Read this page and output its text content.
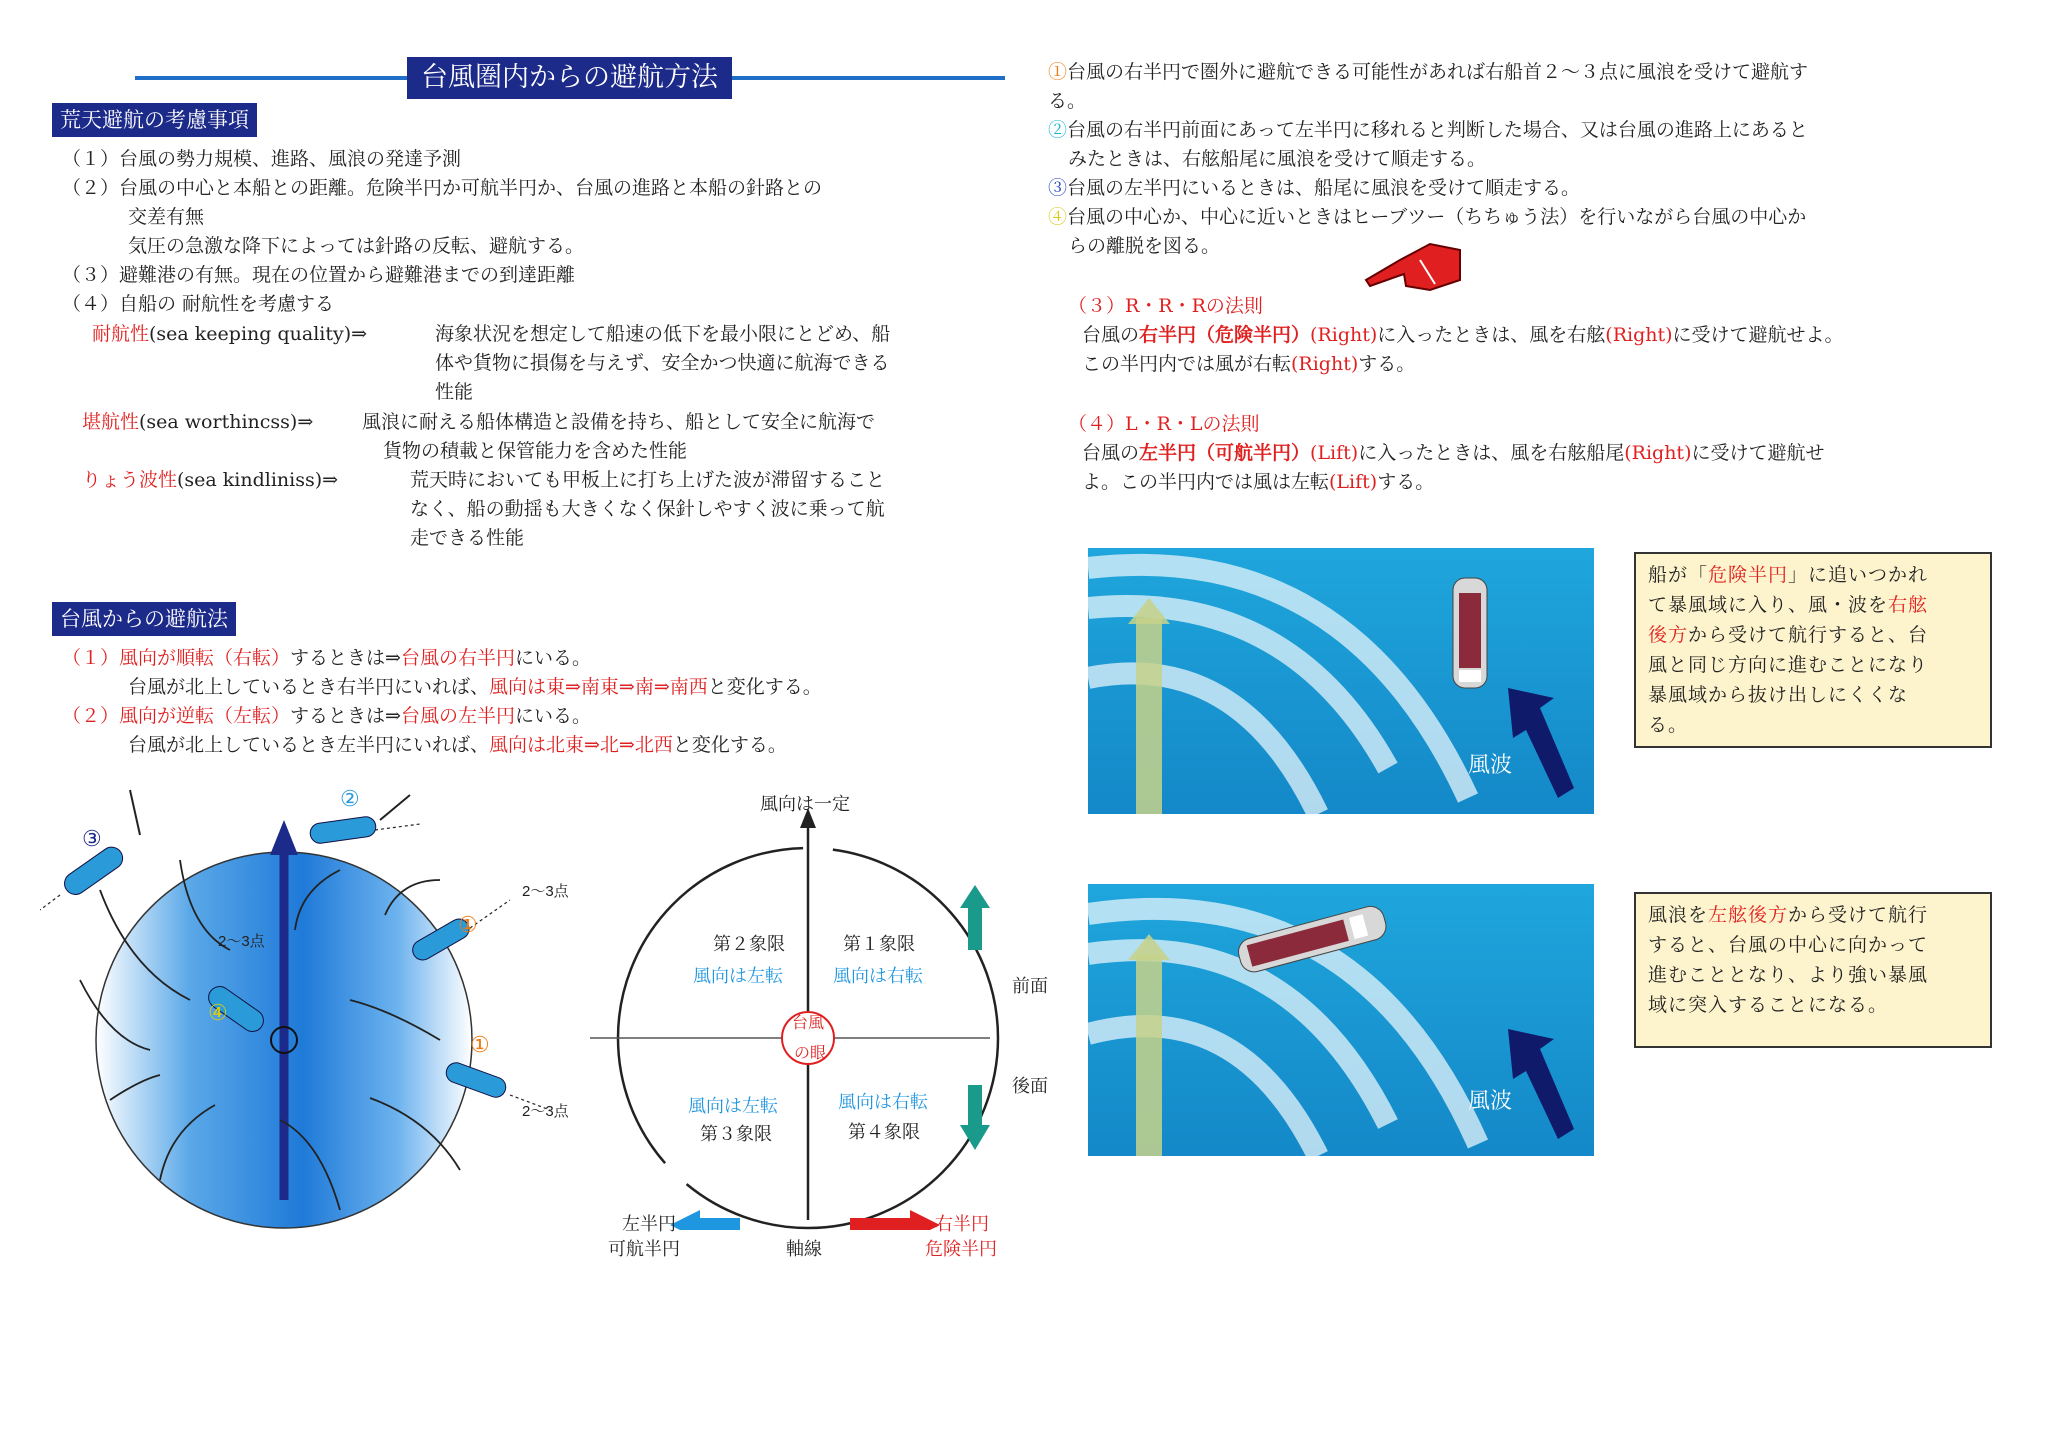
台風圏内からの避航方法
荒天避航の考慮事項
（１）台風の勢力規模、進路、風浪の発達予測
（２）台風の中心と本船との距離。危険半円か可航半円か、台風の進路と本船の針路との
交差有無
気圧の急激な降下によっては針路の反転、避航する。
（３）避難港の有無。現在の位置から避難港までの到達距離
（４）自船の 耐航性を考慮する
耐航性(sea keeping quality)⇒	海象状況を想定して船速の低下を最小限にとどめ、船
体や貨物に損傷を与えず、安全かつ快適に航海できる
性能
堪航性(sea worthincss)⇒	風浪に耐える船体構造と設備を持ち、船として安全に航海で
貨物の積載と保管能力を含めた性能
りょう波性(sea kindliniss)⇒	荒天時においても甲板上に打ち上げた波が滞留すること
なく、船の動揺も大きくなく保針しやすく波に乗って航
走できる性能
台風からの避航法
（１）風向が順転（右転）するときは⇒台風の右半円にいる。
台風が北上しているとき右半円にいれば、風向は東⇒南東⇒南⇒南西と変化する。
（２）風向が逆転（左転）するときは⇒台風の左半円にいる。
台風が北上しているとき左半円にいれば、風向は北東⇒北⇒北西と変化する。
①
①
②
③
④
2～3点
2～3点
2～3点
風向は一定
第２象限
風向は左転
第１象限
風向は右転
風向は左転
第３象限
風向は右転
第４象限
台風
の眼
前面
後面
左半円
可航半円	軸線
右半円
危険半円
①台風の右半円で圏外に避航できる可能性があれば右船首２～３点に風浪を受けて避航す
る。
②台風の右半円前面にあって左半円に移れると判断した場合、又は台風の進路上にあると
みたときは、右舷船尾に風浪を受けて順走する。
③台風の左半円にいるときは、船尾に風浪を受けて順走する。
④台風の中心か、中心に近いときはヒーブツー（ちちゅう法）を行いながら台風の中心か
らの離脱を図る。
（３）R・R・Rの法則
台風の右半円（危険半円）(Right)に入ったときは、風を右舷(Right)に受けて避航せよ。
この半円内では風が右転(Right)する。
（４）L・R・Lの法則
台風の左半円（可航半円）(Lift)に入ったときは、風を右舷船尾(Right)に受けて避航せ
よ。この半円内では風は左転(Lift)する。
風波
風波
船が「危険半円」に追いつかれ
て暴風域に入り、風・波を右舷
後方から受けて航行すると、台
風と同じ方向に進むことになり
暴風域から抜け出しにくくな
る。
風浪を左舷後方から受けて航行
すると、台風の中心に向かって
進むこととなり、より強い暴風
域に突入することになる。
